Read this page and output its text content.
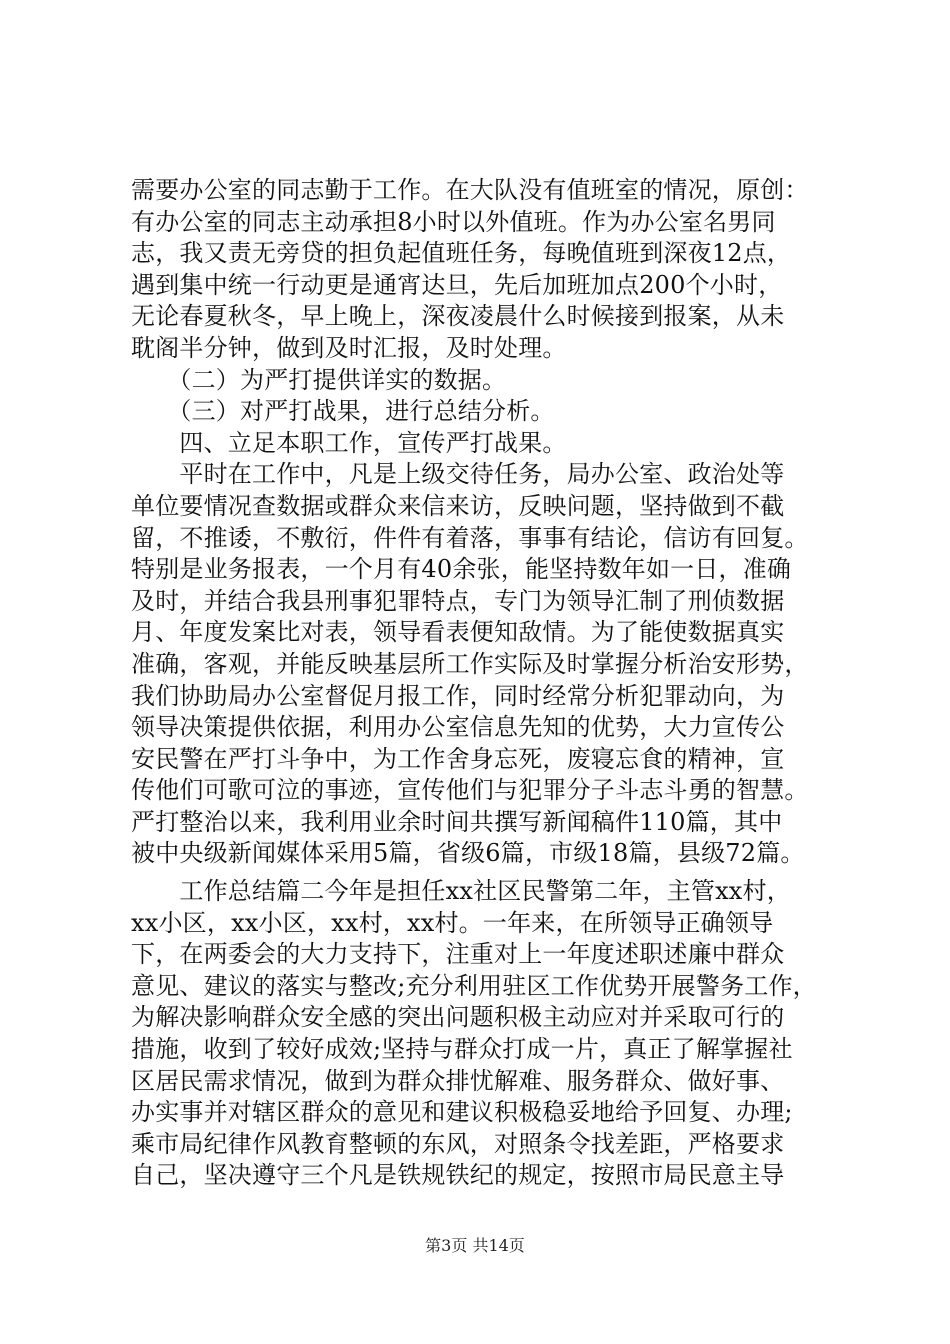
需要办公室的同志勤于工作。在大队没有值班室的情况，原创：
有办公室的同志主动承担8小时以外值班。作为办公室名男同
志，我又责无旁贷的担负起值班任务，每晚值班到深夜12点，
遇到集中统一行动更是通宵达旦，先后加班加点200个小时，
无论春夏秋冬，早上晚上，深夜凌晨什么时候接到报案，从未
耽阁半分钟，做到及时汇报，及时处理。
　　（二）为严打提供详实的数据。
　　（三）对严打战果，进行总结分析。
　　四、立足本职工作，宣传严打战果。
　　平时在工作中，凡是上级交待任务，局办公室、政治处等
单位要情况查数据或群众来信来访，反映问题，坚持做到不截
留，不推诿，不敷衍，件件有着落，事事有结论，信访有回复。
特别是业务报表，一个月有40余张，能坚持数年如一日，准确
及时，并结合我县刑事犯罪特点，专门为领导汇制了刑侦数据
月、年度发案比对表，领导看表便知敌情。为了能使数据真实
准确，客观，并能反映基层所工作实际及时掌握分析治安形势，
我们协助局办公室督促月报工作，同时经常分析犯罪动向，为
领导决策提供依据，利用办公室信息先知的优势，大力宣传公
安民警在严打斗争中，为工作舍身忘死，废寝忘食的精神，宣
传他们可歌可泣的事迹，宣传他们与犯罪分子斗志斗勇的智慧。
严打整治以来，我利用业余时间共撰写新闻稿件110篇，其中
被中央级新闻媒体采用5篇，省级6篇，市级18篇，县级72篇。
　　工作总结篇二今年是担任xx社区民警第二年，主管xx村，
xx小区，xx小区，xx村，xx村。一年来，在所领导正确领导
下，在两委会的大力支持下，注重对上一年度述职述廉中群众
意见、建议的落实与整改;充分利用驻区工作优势开展警务工作，
为解决影响群众安全感的突出问题积极主动应对并采取可行的
措施，收到了较好成效;坚持与群众打成一片，真正了解掌握社
区居民需求情况，做到为群众排忧解难、服务群众、做好事、
办实事并对辖区群众的意见和建议积极稳妥地给予回复、办理;
乘市局纪律作风教育整顿的东风，对照条令找差距，严格要求
自己，坚决遵守三个凡是铁规铁纪的规定，按照市局民意主导
第3页 共14页
